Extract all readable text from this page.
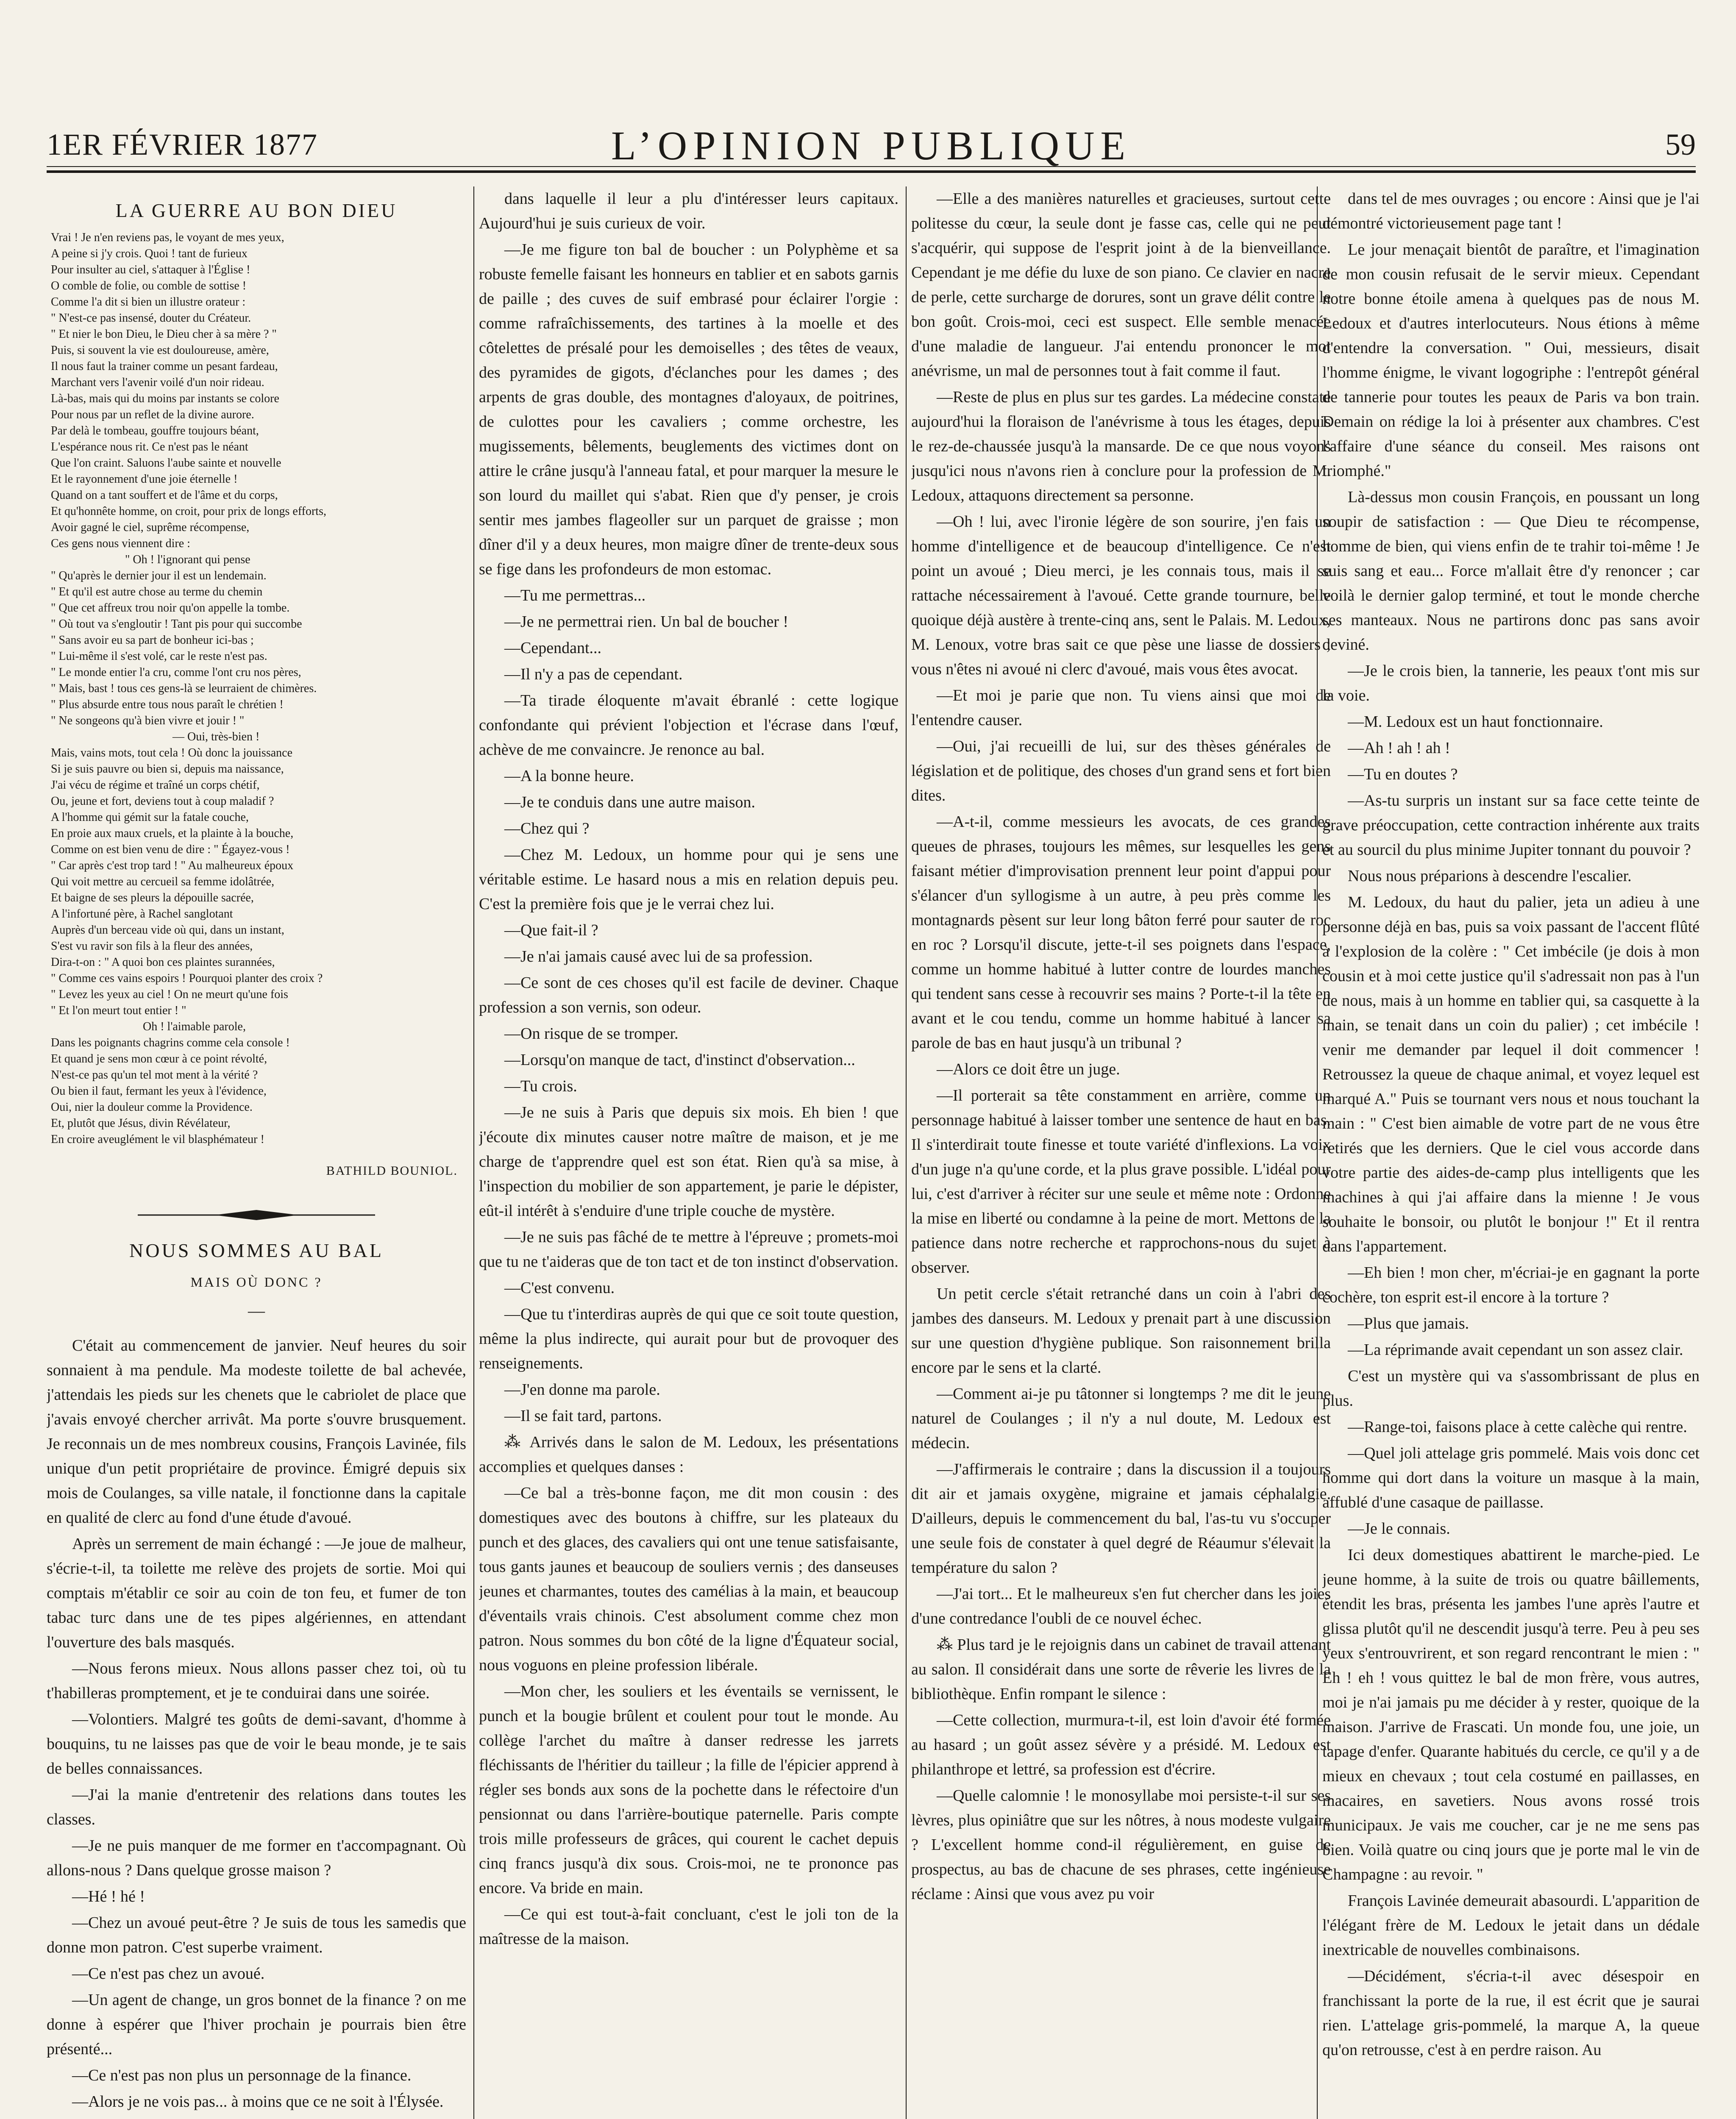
1ER FÉVRIER 1877	L’OPINION PUBLIQUE	59
LA GUERRE AU BON DIEU
Vrai ! Je n'en reviens pas, le voyant de mes yeux,
A peine si j'y crois. Quoi ! tant de furieux
Pour insulter au ciel, s'attaquer à l'Église !
O comble de folie, ou comble de sottise !
Comme l'a dit si bien un illustre orateur :
" N'est-ce pas insensé, douter du Créateur.
" Et nier le bon Dieu, le Dieu cher à sa mère ? "
Puis, si souvent la vie est douloureuse, amère,
Il nous faut la trainer comme un pesant fardeau,
Marchant vers l'avenir voilé d'un noir rideau.
Là-bas, mais qui du moins par instants se colore
Pour nous par un reflet de la divine aurore.
Par delà le tombeau, gouffre toujours béant,
L'espérance nous rit. Ce n'est pas le néant
Que l'on craint. Saluons l'aube sainte et nouvelle
Et le rayonnement d'une joie éternelle !
Quand on a tant souffert et de l'âme et du corps,
Et qu'honnête homme, on croit, pour prix de longs efforts,
Avoir gagné le ciel, suprême récompense,
Ces gens nous viennent dire :
" Oh ! l'ignorant qui pense
" Qu'après le dernier jour il est un lendemain.
" Et qu'il est autre chose au terme du chemin
" Que cet affreux trou noir qu'on appelle la tombe.
" Où tout va s'engloutir ! Tant pis pour qui succombe
" Sans avoir eu sa part de bonheur ici-bas ;
" Lui-même il s'est volé, car le reste n'est pas.
" Le monde entier l'a cru, comme l'ont cru nos pères,
" Mais, bast ! tous ces gens-là se leurraient de chimères.
" Plus absurde entre tous nous paraît le chrétien !
" Ne songeons qu'à bien vivre et jouir ! "
— Oui, très-bien !
Mais, vains mots, tout cela ! Où donc la jouissance
Si je suis pauvre ou bien si, depuis ma naissance,
J'ai vécu de régime et traîné un corps chétif,
Ou, jeune et fort, deviens tout à coup maladif ?
A l'homme qui gémit sur la fatale couche,
En proie aux maux cruels, et la plainte à la bouche,
Comme on est bien venu de dire : " Égayez-vous !
" Car après c'est trop tard ! " Au malheureux époux
Qui voit mettre au cercueil sa femme idolâtrée,
Et baigne de ses pleurs la dépouille sacrée,
A l'infortuné père, à Rachel sanglotant
Auprès d'un berceau vide où qui, dans un instant,
S'est vu ravir son fils à la fleur des années,
Dira-t-on : " A quoi bon ces plaintes surannées,
" Comme ces vains espoirs ! Pourquoi planter des croix ?
" Levez les yeux au ciel ! On ne meurt qu'une fois
" Et l'on meurt tout entier ! "
Oh ! l'aimable parole,
Dans les poignants chagrins comme cela console !
Et quand je sens mon cœur à ce point révolté,
N'est-ce pas qu'un tel mot ment à la vérité ?
Ou bien il faut, fermant les yeux à l'évidence,
Oui, nier la douleur comme la Providence.
Et, plutôt que Jésus, divin Révélateur,
En croire aveuglément le vil blasphémateur !
BATHILD BOUNIOL.
NOUS SOMMES AU BAL
MAIS OÙ DONC ?
—

C'était au commencement de janvier. Neuf heures du soir sonnaient à ma pendule. Ma modeste toilette de bal achevée, j'attendais les pieds sur les chenets que le cabriolet de place que j'avais envoyé chercher arrivât. Ma porte s'ouvre brusquement. Je reconnais un de mes nombreux cousins, François Lavinée, fils unique d'un petit propriétaire de province. Émigré depuis six mois de Coulanges, sa ville natale, il fonctionne dans la capitale en qualité de clerc au fond d'une étude d'avoué.

Après un serrement de main échangé : —Je joue de malheur, s'écrie-t-il, ta toilette me relève des projets de sortie. Moi qui comptais m'établir ce soir au coin de ton feu, et fumer de ton tabac turc dans une de tes pipes algériennes, en attendant l'ouverture des bals masqués.

—Nous ferons mieux. Nous allons passer chez toi, où tu t'habilleras promptement, et je te conduirai dans une soirée.

—Volontiers. Malgré tes goûts de demi-savant, d'homme à bouquins, tu ne laisses pas que de voir le beau monde, je te sais de belles connaissances.

—J'ai la manie d'entretenir des relations dans toutes les classes.

—Je ne puis manquer de me former en t'accompagnant. Où allons-nous ? Dans quelque grosse maison ?

—Hé ! hé !

—Chez un avoué peut-être ? Je suis de tous les samedis que donne mon patron. C'est superbe vraiment.

—Ce n'est pas chez un avoué.

—Un agent de change, un gros bonnet de la finance ? on me donne à espérer que l'hiver prochain je pourrais bien être présenté...

—Ce n'est pas non plus un personnage de la finance.

—Alors je ne vois pas... à moins que ce ne soit à l'Élysée.

dans laquelle il leur a plu d'intéresser leurs capitaux. Aujourd'hui je suis curieux de voir.

—Je me figure ton bal de boucher : un Polyphème et sa robuste femelle faisant les honneurs en tablier et en sabots garnis de paille ; des cuves de suif embrasé pour éclairer l'orgie : comme rafraîchissements, des tartines à la moelle et des côtelettes de présalé pour les demoiselles ; des têtes de veaux, des pyramides de gigots, d'éclanches pour les dames ; des arpents de gras double, des montagnes d'aloyaux, de poitrines, de culottes pour les cavaliers ; comme orchestre, les mugissements, bêlements, beuglements des victimes dont on attire le crâne jusqu'à l'anneau fatal, et pour marquer la mesure le son lourd du maillet qui s'abat. Rien que d'y penser, je crois sentir mes jambes flageoller sur un parquet de graisse ; mon dîner d'il y a deux heures, mon maigre dîner de trente-deux sous se fige dans les profondeurs de mon estomac.

—Tu me permettras...

—Je ne permettrai rien. Un bal de boucher !

—Cependant...

—Il n'y a pas de cependant.

—Ta tirade éloquente m'avait ébranlé : cette logique confondante qui prévient l'objection et l'écrase dans l'œuf, achève de me convaincre. Je renonce au bal.

—A la bonne heure.

—Je te conduis dans une autre maison.

—Chez qui ?

—Chez M. Ledoux, un homme pour qui je sens une véritable estime. Le hasard nous a mis en relation depuis peu. C'est la première fois que je le verrai chez lui.

—Que fait-il ?

—Je n'ai jamais causé avec lui de sa profession.

—Ce sont de ces choses qu'il est facile de deviner. Chaque profession a son vernis, son odeur.

—On risque de se tromper.

—Lorsqu'on manque de tact, d'instinct d'observation...

—Tu crois.

—Je ne suis à Paris que depuis six mois. Eh bien ! que j'écoute dix minutes causer notre maître de maison, et je me charge de t'apprendre quel est son état. Rien qu'à sa mise, à l'inspection du mobilier de son appartement, je parie le dépister, eût-il intérêt à s'enduire d'une triple couche de mystère.

—Je ne suis pas fâché de te mettre à l'épreuve ; promets-moi que tu ne t'aideras que de ton tact et de ton instinct d'observation.

—C'est convenu.

—Que tu t'interdiras auprès de qui que ce soit toute question, même la plus indirecte, qui aurait pour but de provoquer des renseignements.

—J'en donne ma parole.

—Il se fait tard, partons.

⁂ Arrivés dans le salon de M. Ledoux, les présentations accomplies et quelques danses :

—Ce bal a très-bonne façon, me dit mon cousin : des domestiques avec des boutons à chiffre, sur les plateaux du punch et des glaces, des cavaliers qui ont une tenue satisfaisante, tous gants jaunes et beaucoup de souliers vernis ; des danseuses jeunes et charmantes, toutes des camélias à la main, et beaucoup d'éventails vrais chinois. C'est absolument comme chez mon patron. Nous sommes du bon côté de la ligne d'Équateur social, nous voguons en pleine profession libérale.

—Mon cher, les souliers et les éventails se vernissent, le punch et la bougie brûlent et coulent pour tout le monde. Au collège l'archet du maître à danser redresse les jarrets fléchissants de l'héritier du tailleur ; la fille de l'épicier apprend à régler ses bonds aux sons de la pochette dans le réfectoire d'un pensionnat ou dans l'arrière-boutique paternelle. Paris compte trois mille professeurs de grâces, qui courent le cachet depuis cinq francs jusqu'à dix sous. Crois-moi, ne te prononce pas encore. Va bride en main.

—Ce qui est tout-à-fait concluant, c'est le joli ton de la maîtresse de la maison.

—Elle a des manières naturelles et gracieuses, surtout cette politesse du cœur, la seule dont je fasse cas, celle qui ne peut s'acquérir, qui suppose de l'esprit joint à de la bienveillance. Cependant je me défie du luxe de son piano. Ce clavier en nacre de perle, cette surcharge de dorures, sont un grave délit contre le bon goût. Crois-moi, ceci est suspect. Elle semble menacée d'une maladie de langueur. J'ai entendu prononcer le mot anévrisme, un mal de personnes tout à fait comme il faut.

—Reste de plus en plus sur tes gardes. La médecine constate aujourd'hui la floraison de l'anévrisme à tous les étages, depuis le rez-de-chaussée jusqu'à la mansarde. De ce que nous voyons jusqu'ici nous n'avons rien à conclure pour la profession de M. Ledoux, attaquons directement sa personne.

—Oh ! lui, avec l'ironie légère de son sourire, j'en fais un homme d'intelligence et de beaucoup d'intelligence. Ce n'est point un avoué ; Dieu merci, je les connais tous, mais il se rattache nécessairement à l'avoué. Cette grande tournure, belle quoique déjà austère à trente-cinq ans, sent le Palais. M. Ledoux, M. Lenoux, votre bras sait ce que pèse une liasse de dossiers ; vous n'êtes ni avoué ni clerc d'avoué, mais vous êtes avocat.

—Et moi je parie que non. Tu viens ainsi que moi de l'entendre causer.

—Oui, j'ai recueilli de lui, sur des thèses générales de législation et de politique, des choses d'un grand sens et fort bien dites.

—A-t-il, comme messieurs les avocats, de ces grandes queues de phrases, toujours les mêmes, sur lesquelles les gens faisant métier d'improvisation prennent leur point d'appui pour s'élancer d'un syllogisme à un autre, à peu près comme les montagnards pèsent sur leur long bâton ferré pour sauter de roc en roc ? Lorsqu'il discute, jette-t-il ses poignets dans l'espace, comme un homme habitué à lutter contre de lourdes manches qui tendent sans cesse à recouvrir ses mains ? Porte-t-il la tête en avant et le cou tendu, comme un homme habitué à lancer sa parole de bas en haut jusqu'à un tribunal ?

—Alors ce doit être un juge.

—Il porterait sa tête constamment en arrière, comme un personnage habitué à laisser tomber une sentence de haut en bas. Il s'interdirait toute finesse et toute variété d'inflexions. La voix d'un juge n'a qu'une corde, et la plus grave possible. L'idéal pour lui, c'est d'arriver à réciter sur une seule et même note : Ordonne la mise en liberté ou condamne à la peine de mort. Mettons de la patience dans notre recherche et rapprochons-nous du sujet à observer.

Un petit cercle s'était retranché dans un coin à l'abri des jambes des danseurs. M. Ledoux y prenait part à une discussion sur une question d'hygiène publique. Son raisonnement brilla encore par le sens et la clarté.

—Comment ai-je pu tâtonner si longtemps ? me dit le jeune naturel de Coulanges ; il n'y a nul doute, M. Ledoux est médecin.

—J'affirmerais le contraire ; dans la discussion il a toujours dit air et jamais oxygène, migraine et jamais céphalalgie. D'ailleurs, depuis le commencement du bal, l'as-tu vu s'occuper une seule fois de constater à quel degré de Réaumur s'élevait la température du salon ?

—J'ai tort... Et le malheureux s'en fut chercher dans les joies d'une contredance l'oubli de ce nouvel échec.

⁂ Plus tard je le rejoignis dans un cabinet de travail attenant au salon. Il considérait dans une sorte de rêverie les livres de la bibliothèque. Enfin rompant le silence :

—Cette collection, murmura-t-il, est loin d'avoir été formée au hasard ; un goût assez sévère y a présidé. M. Ledoux est philanthrope et lettré, sa profession est d'écrire.

—Quelle calomnie ! le monosyllabe moi persiste-t-il sur ses lèvres, plus opiniâtre que sur les nôtres, à nous modeste vulgaire ? L'excellent homme cond-il régulièrement, en guise de prospectus, au bas de chacune de ses phrases, cette ingénieuse réclame : Ainsi que vous avez pu voir

dans tel de mes ouvrages ; ou encore : Ainsi que je l'ai démontré victorieusement page tant !

Le jour menaçait bientôt de paraître, et l'imagination de mon cousin refusait de le servir mieux. Cependant notre bonne étoile amena à quelques pas de nous M. Ledoux et d'autres interlocuteurs. Nous étions à même d'entendre la conversation. " Oui, messieurs, disait l'homme énigme, le vivant logogriphe : l'entrepôt général de tannerie pour toutes les peaux de Paris va bon train. Demain on rédige la loi à présenter aux chambres. C'est l'affaire d'une séance du conseil. Mes raisons ont triomphé."

Là-dessus mon cousin François, en poussant un long soupir de satisfaction : — Que Dieu te récompense, homme de bien, qui viens enfin de te trahir toi-même ! Je suis sang et eau... Force m'allait être d'y renoncer ; car voilà le dernier galop terminé, et tout le monde cherche ses manteaux. Nous ne partirons donc pas sans avoir deviné.

—Je le crois bien, la tannerie, les peaux t'ont mis sur la voie.

—M. Ledoux est un haut fonctionnaire.

—Ah ! ah ! ah !

—Tu en doutes ?

—As-tu surpris un instant sur sa face cette teinte de grave préoccupation, cette contraction inhérente aux traits et au sourcil du plus minime Jupiter tonnant du pouvoir ?

Nous nous préparions à descendre l'escalier.

M. Ledoux, du haut du palier, jeta un adieu à une personne déjà en bas, puis sa voix passant de l'accent flûté à l'explosion de la colère : " Cet imbécile (je dois à mon cousin et à moi cette justice qu'il s'adressait non pas à l'un de nous, mais à un homme en tablier qui, sa casquette à la main, se tenait dans un coin du palier) ; cet imbécile ! venir me demander par lequel il doit commencer ! Retroussez la queue de chaque animal, et voyez lequel est marqué A." Puis se tournant vers nous et nous touchant la main : " C'est bien aimable de votre part de ne vous être retirés que les derniers. Que le ciel vous accorde dans votre partie des aides-de-camp plus intelligents que les machines à qui j'ai affaire dans la mienne ! Je vous souhaite le bonsoir, ou plutôt le bonjour !" Et il rentra dans l'appartement.

—Eh bien ! mon cher, m'écriai-je en gagnant la porte cochère, ton esprit est-il encore à la torture ?

—Plus que jamais.

—La réprimande avait cependant un son assez clair.

C'est un mystère qui va s'assombrissant de plus en plus.

—Range-toi, faisons place à cette calèche qui rentre.

—Quel joli attelage gris pommelé. Mais vois donc cet homme qui dort dans la voiture un masque à la main, affublé d'une casaque de paillasse.

—Je le connais.

Ici deux domestiques abattirent le marche-pied. Le jeune homme, à la suite de trois ou quatre bâillements, étendit les bras, présenta les jambes l'une après l'autre et glissa plutôt qu'il ne descendit jusqu'à terre. Peu à peu ses yeux s'entrouvrirent, et son regard rencontrant le mien : " Eh ! eh ! vous quittez le bal de mon frère, vous autres, moi je n'ai jamais pu me décider à y rester, quoique de la maison. J'arrive de Frascati. Un monde fou, une joie, un tapage d'enfer. Quarante habitués du cercle, ce qu'il y a de mieux en chevaux ; tout cela costumé en paillasses, en macaires, en savetiers. Nous avons rossé trois municipaux. Je vais me coucher, car je ne me sens pas bien. Voilà quatre ou cinq jours que je porte mal le vin de Champagne : au revoir. "

François Lavinée demeurait abasourdi. L'apparition de l'élégant frère de M. Ledoux le jetait dans un dédale inextricable de nouvelles combinaisons.

—Décidément, s'écria-t-il avec désespoir en franchissant la porte de la rue, il est écrit que je saurai rien. L'attelage gris-pommelé, la marque A, la queue qu'on retrousse, c'est à en perdre raison. Au
